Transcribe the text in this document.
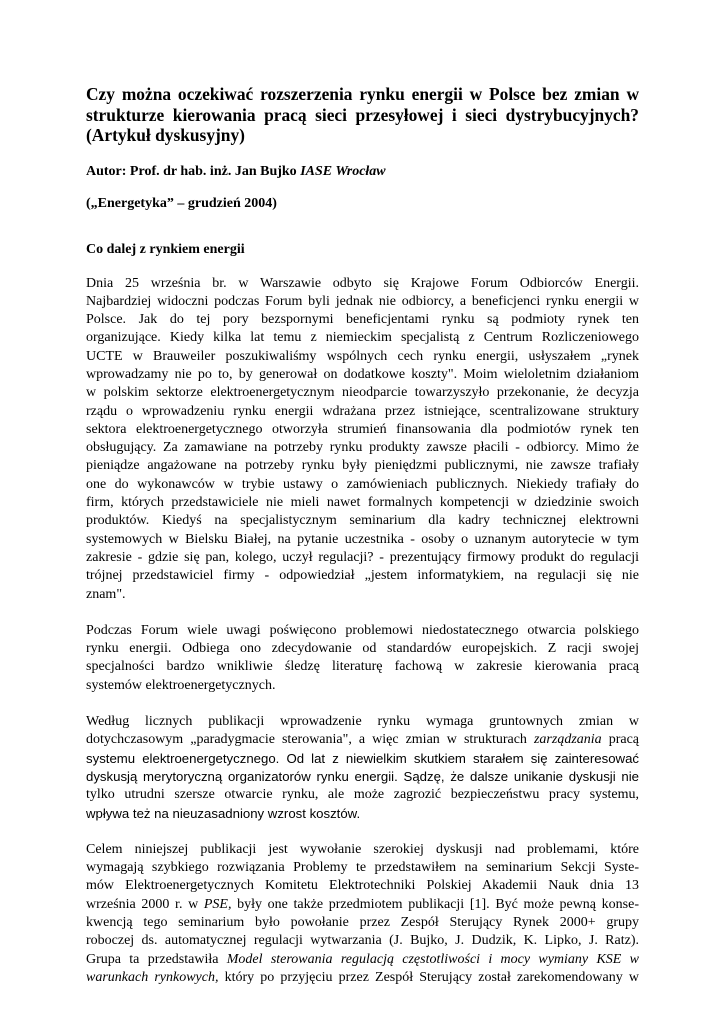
Czy można oczekiwać rozszerzenia rynku energii w Polsce bez zmian w strukturze kierowania pracą sieci przesyłowej i sieci dystrybucyjnych? (Artykuł dyskusyjny)
Autor: Prof. dr hab. inż. Jan Bujko IASE Wrocław
(„Energetyka” – grudzień 2004)
Co dalej z rynkiem energii
Dnia 25 września br. w Warszawie odbyto się Krajowe Forum Odbiorców Energii.
Najbardziej widoczni podczas Forum byli jednak nie odbiorcy, a beneficjenci rynku energii w
Polsce. Jak do tej pory bezspornymi beneficjentami rynku są podmioty rynek ten
organizujące. Kiedy kilka lat temu z niemieckim specjalistą z Centrum Rozliczeniowego
UCTE w Brauweiler poszukiwaliśmy wspólnych cech rynku energii, usłyszałem „rynek
wprowadzamy nie po to, by generował on dodatkowe koszty". Moim wieloletnim działaniom
w polskim sektorze elektroenergetycznym nieodparcie towarzyszyło przekonanie, że decyzja
rządu o wprowadzeniu rynku energii wdrażana przez istniejące, scentralizowane struktury
sektora elektroenergetycznego otworzyła strumień finansowania dla podmiotów rynek ten
obsługujący. Za zamawiane na potrzeby rynku produkty zawsze płacili - odbiorcy. Mimo że
pieniądze angażowane na potrzeby rynku były pieniędzmi publicznymi, nie zawsze trafiały
one do wykonawców w trybie ustawy o zamówieniach publicznych. Niekiedy trafiały do
firm, których przedstawiciele nie mieli nawet formalnych kompetencji w dziedzinie swoich
produktów. Kiedyś na specjalistycznym seminarium dla kadry technicznej elektrowni
systemowych w Bielsku Białej, na pytanie uczestnika - osoby o uznanym autorytecie w tym
zakresie - gdzie się pan, kolego, uczył regulacji? - prezentujący firmowy produkt do regulacji
trójnej przedstawiciel firmy - odpowiedział „jestem informatykiem, na regulacji się nie
znam".
Podczas Forum wiele uwagi poświęcono problemowi niedostatecznego otwarcia polskiego
rynku energii. Odbiega ono zdecydowanie od standardów europejskich. Z racji swojej
specjalności bardzo wnikliwie śledzę literaturę fachową w zakresie kierowania pracą
systemów elektroenergetycznych.
Według licznych publikacji wprowadzenie rynku wymaga gruntownych zmian w
dotychczasowym „paradygmacie sterowania", a więc zmian w strukturach zarządzania pracą
systemu elektroenergetycznego. Od lat z niewielkim skutkiem starałem się zainteresować
dyskusją merytoryczną organizatorów rynku energii. Sądzę, że dalsze unikanie dyskusji nie
tylko utrudni szersze otwarcie rynku, ale może zagrozić bezpieczeństwu pracy systemu,
wpływa też na nieuzasadniony wzrost kosztów.
Celem niniejszej publikacji jest wywołanie szerokiej dyskusji nad problemami, które
wymagają szybkiego rozwiązania Problemy te przedstawiłem na seminarium Sekcji Syste-
mów Elektroenergetycznych Komitetu Elektrotechniki Polskiej Akademii Nauk dnia 13
września 2000 r. w PSE, były one także przedmiotem publikacji [1]. Być może pewną konse-
kwencją tego seminarium było powołanie przez Zespół Sterujący Rynek 2000+ grupy
roboczej ds. automatycznej regulacji wytwarzania (J. Bujko, J. Dudzik, K. Lipko, J. Ratz).
Grupa ta przedstawiła Model sterowania regulacją częstotliwości i mocy wymiany KSE w
warunkach rynkowych, który po przyjęciu przez Zespół Sterujący został zarekomendowany w
